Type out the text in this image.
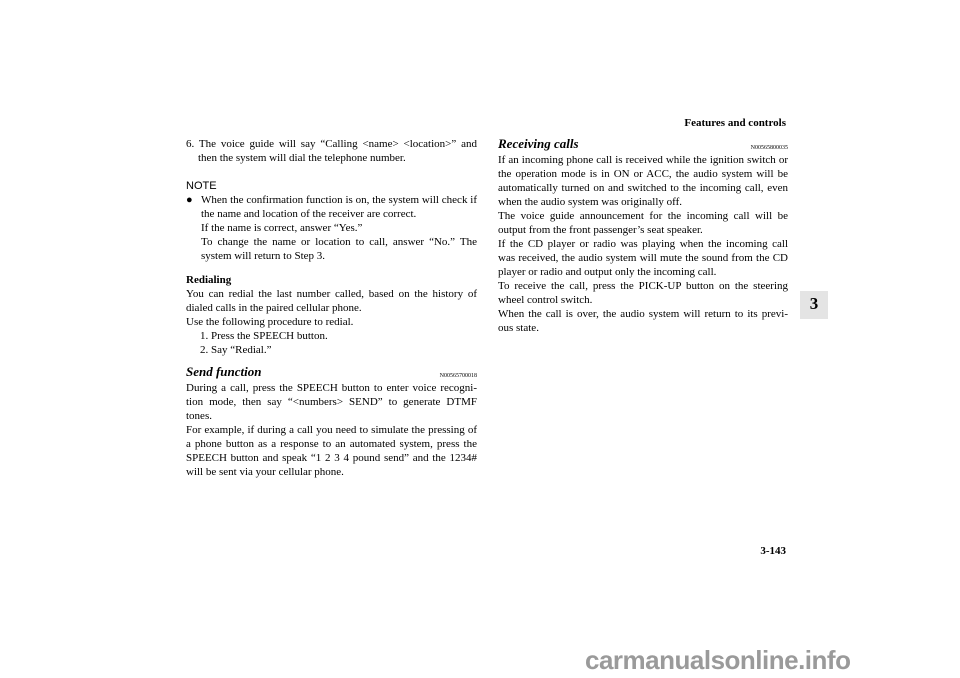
Features and controls
3

6. The voice guide will say “Calling <name> <location>” and then the system will dial the telephone number.

NOTE

● When the confirmation function is on, the system will check if the name and location of the receiver are correct.

If the name is correct, answer “Yes.”

To change the name or location to call, answer “No.” The system will return to Step 3.

Redialing

You can redial the last number called, based on the history of dialed calls in the paired cellular phone.

Use the following procedure to redial.

1. Press the SPEECH button.

2. Say “Redial.”

Send function	N00565700018

During a call, press the SPEECH button to enter voice recogni-tion mode, then say “<numbers> SEND” to generate DTMF tones.

For example, if during a call you need to simulate the pressing of a phone button as a response to an automated system, press the SPEECH button and speak “1 2 3 4 pound send” and the 1234# will be sent via your cellular phone.

Receiving calls	N00565800035

If an incoming phone call is received while the ignition switch or the operation mode is in ON or ACC, the audio system will be automatically turned on and switched to the incoming call, even when the audio system was originally off.

The voice guide announcement for the incoming call will be output from the front passenger’s seat speaker.

If the CD player or radio was playing when the incoming call was received, the audio system will mute the sound from the CD player or radio and output only the incoming call.

To receive the call, press the PICK-UP button on the steering wheel control switch.

When the call is over, the audio system will return to its previ-ous state.

3-143
carmanualsonline.info
